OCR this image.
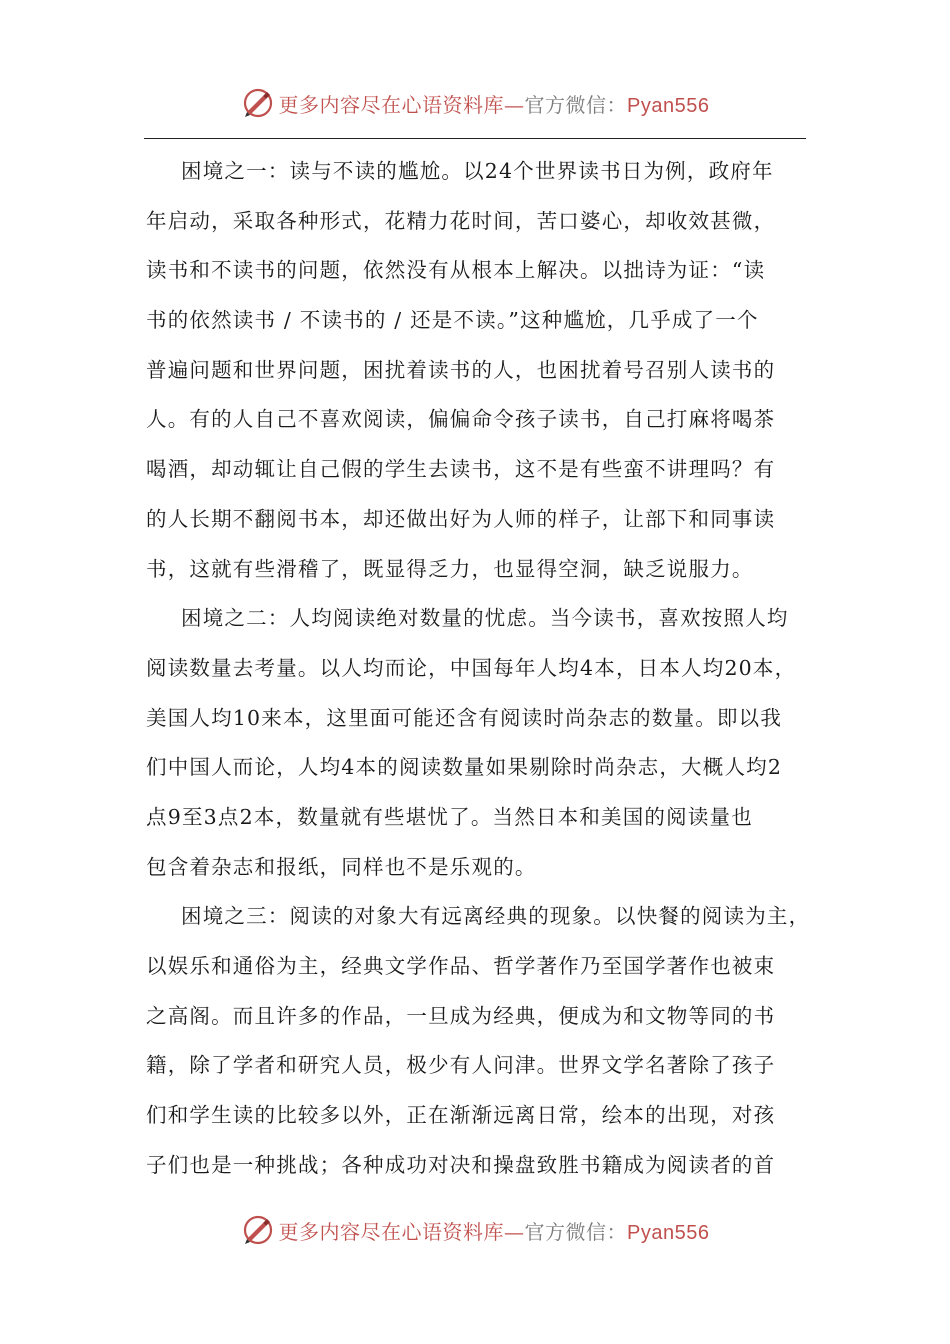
更多内容尽在心语资料库—官方微信：Pyan556
困境之一：读与不读的尴尬。以24个世界读书日为例，政府年
年启动，采取各种形式，花精力花时间，苦口婆心，却收效甚微，
读书和不读书的问题，依然没有从根本上解决。以拙诗为证：“读
书的依然读书 / 不读书的 / 还是不读。”这种尴尬，几乎成了一个
普遍问题和世界问题，困扰着读书的人，也困扰着号召别人读书的
人。有的人自己不喜欢阅读，偏偏命令孩子读书，自己打麻将喝茶
喝酒，却动辄让自己假的学生去读书，这不是有些蛮不讲理吗？有
的人长期不翻阅书本，却还做出好为人师的样子，让部下和同事读
书，这就有些滑稽了，既显得乏力，也显得空洞，缺乏说服力。
困境之二：人均阅读绝对数量的忧虑。当今读书，喜欢按照人均
阅读数量去考量。以人均而论，中国每年人均4本，日本人均20本，
美国人均10来本，这里面可能还含有阅读时尚杂志的数量。即以我
们中国人而论，人均4本的阅读数量如果剔除时尚杂志，大概人均2
点9至3点2本，数量就有些堪忧了。当然日本和美国的阅读量也
包含着杂志和报纸，同样也不是乐观的。
困境之三：阅读的对象大有远离经典的现象。以快餐的阅读为主，
以娱乐和通俗为主，经典文学作品、哲学著作乃至国学著作也被束
之高阁。而且许多的作品，一旦成为经典，便成为和文物等同的书
籍，除了学者和研究人员，极少有人问津。世界文学名著除了孩子
们和学生读的比较多以外，正在渐渐远离日常，绘本的出现，对孩
子们也是一种挑战；各种成功对决和操盘致胜书籍成为阅读者的首
更多内容尽在心语资料库—官方微信：Pyan556
